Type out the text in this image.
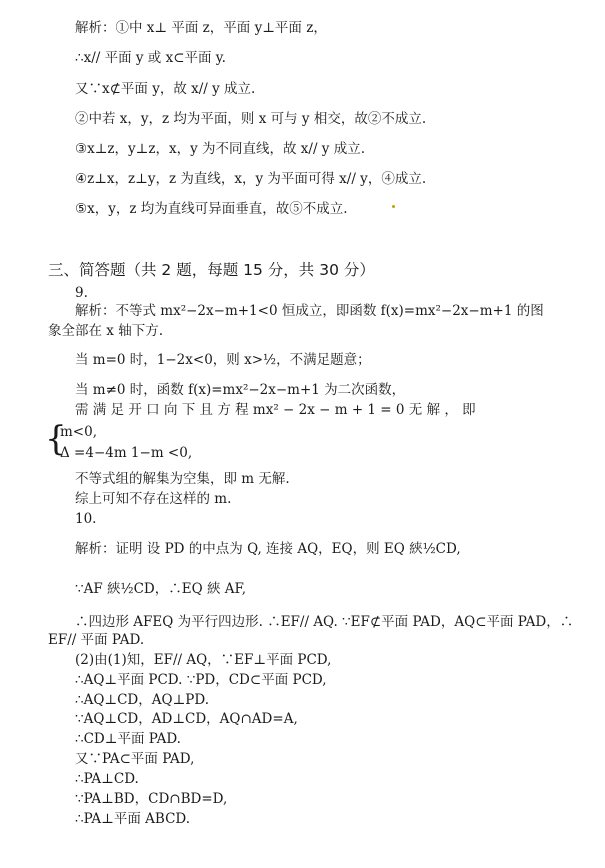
解析：①中 x⊥ 平面 z，平面 y⊥平面 z，
∴x// 平面 y 或 x⊂平面 y.
又∵x⊄平面 y，故 x// y 成立.
②中若 x，y，z 均为平面，则 x 可与 y 相交，故②不成立.
③x⊥z，y⊥z，x，y 为不同直线，故 x// y 成立.
④z⊥x，z⊥y，z 为直线，x，y 为平面可得 x// y，④成立.
⑤x，y，z 均为直线可异面垂直，故⑤不成立.
三、简答题（共 2 题，每题 15 分，共 30 分）
9.
解析：不等式 mx²−2x−m+1<0 恒成立，即函数 f(x)=mx²−2x−m+1 的图
象全部在 x 轴下方.
当 m=0 时，1−2x<0，则 x>½，不满足题意；
当 m≠0 时，函数 f(x)=mx²−2x−m+1 为二次函数，
需 满 足 开 口 向 下 且 方 程 mx² − 2x − m + 1 = 0 无 解 ， 即
{
m<0,
Δ =4−4m 1−m <0,
不等式组的解集为空集，即 m 无解.
综上可知不存在这样的 m.
10.
解析：证明 设 PD 的中点为 Q, 连接 AQ，EQ，则 EQ 綊½CD,
∵AF 綊½CD，∴EQ 綊 AF,
∴四边形 AFEQ 为平行四边形. ∴EF// AQ. ∵EF⊄平面 PAD，AQ⊂平面 PAD，∴
EF// 平面 PAD.
(2)由(1)知，EF// AQ，∵EF⊥平面 PCD,
∴AQ⊥平面 PCD. ∵PD，CD⊂平面 PCD,
∴AQ⊥CD，AQ⊥PD.
∵AQ⊥CD，AD⊥CD，AQ∩AD=A,
∴CD⊥平面 PAD.
又∵PA⊂平面 PAD,
∴PA⊥CD.
∵PA⊥BD，CD∩BD=D,
∴PA⊥平面 ABCD.
